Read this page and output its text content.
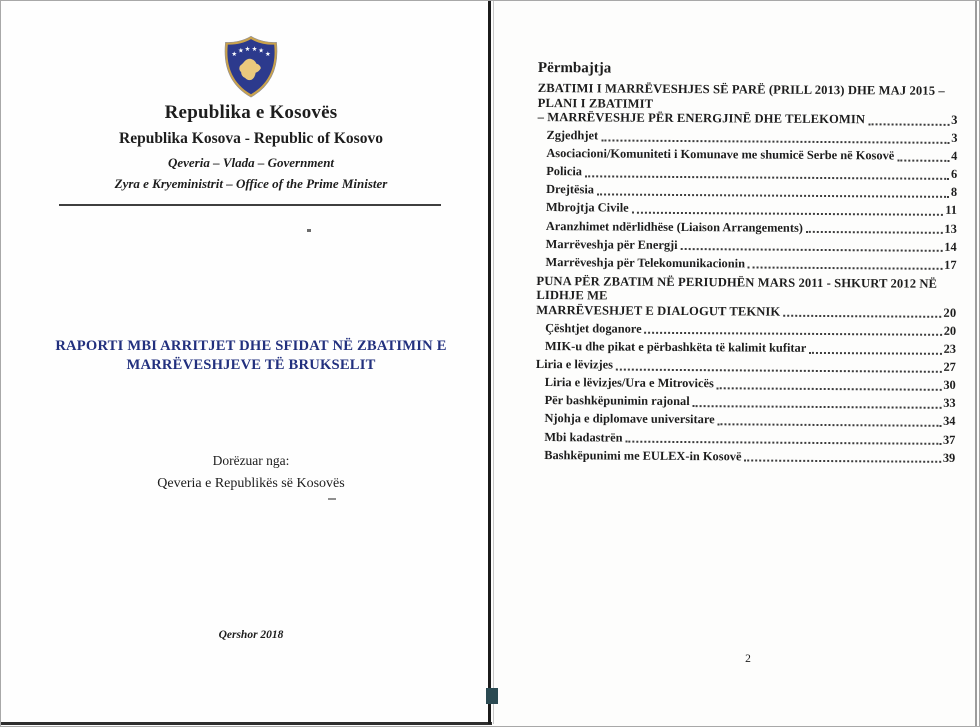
★ ★ ★ ★ ★ ★
Republika e Kosovës
Republika Kosova - Republic of Kosovo
Qeveria – Vlada – Government
Zyra e Kryeministrit – Office of the Prime Minister
RAPORTI MBI ARRITJET DHE SFIDAT NË ZBATIMIN E
MARRËVESHJEVE TË BRUKSELIT
Dorëzuar nga:
Qeveria e Republikës së Kosovës
Qershor 2018
Përmbajtja
ZBATIMI I MARRËVESHJES SË PARË (PRILL 2013) DHE MAJ 2015 – PLANI I ZBATIMIT
– MARRËVESHJE PËR ENERGJINË DHE TELEKOMIN	3
Zgjedhjet	3
Asociacioni/Komuniteti i Komunave me shumicë Serbe në Kosovë	4
Policia	6
Drejtësia	8
Mbrojtja Civile	11
Aranzhimet ndërlidhëse (Liaison Arrangements)	13
Marrëveshja për Energji	14
Marrëveshja për Telekomunikacionin	17
PUNA PËR ZBATIM NË PERIUDHËN MARS 2011 - SHKURT 2012 NË LIDHJE ME
MARRËVESHJET E DIALOGUT TEKNIK	20
Çështjet doganore	20
MIK-u dhe pikat e përbashkëta të kalimit kufitar	23
Liria e lëvizjes	27
Liria e lëvizjes/Ura e Mitrovicës	30
Për bashkëpunimin rajonal	33
Njohja e diplomave universitare	34
Mbi kadastrën	37
Bashkëpunimi me EULEX-in Kosovë	39
2
